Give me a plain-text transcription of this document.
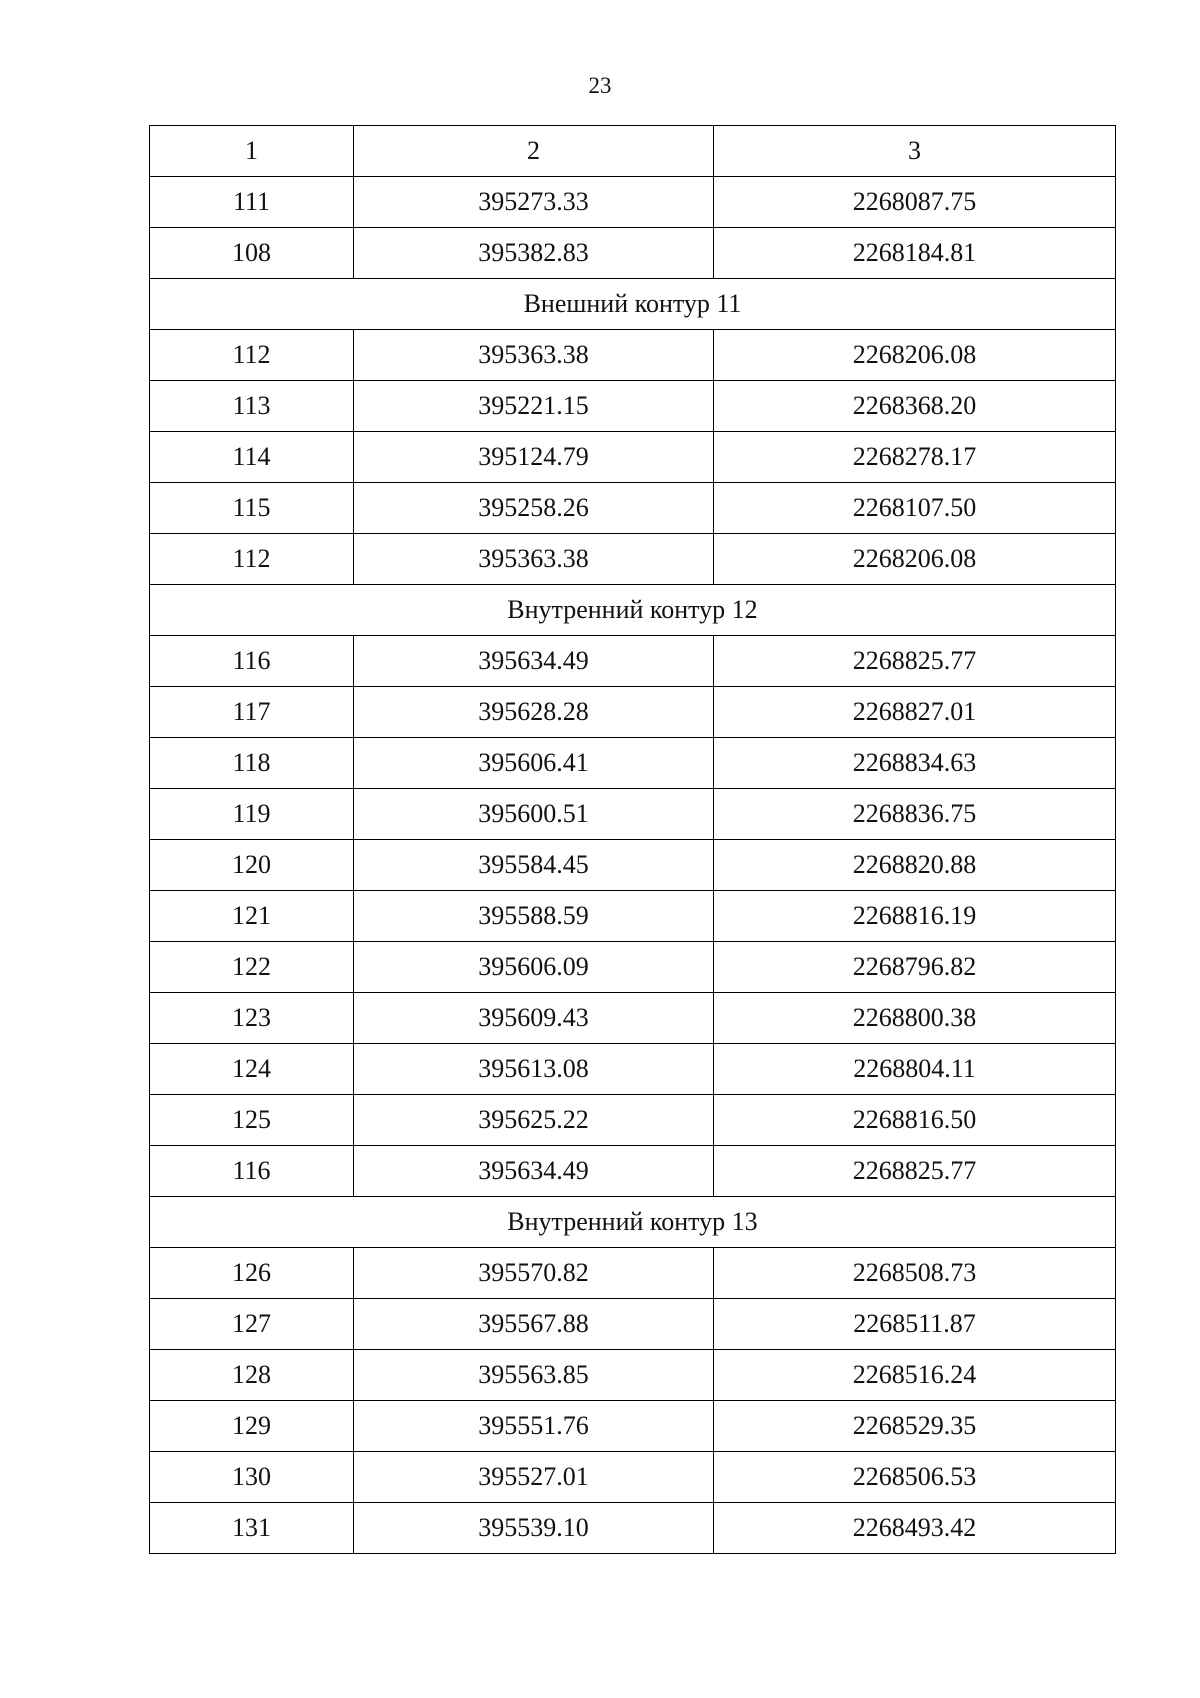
23
1	2	3
111	395273.33	2268087.75
108	395382.83	2268184.81
Внешний контур 11		
112	395363.38	2268206.08
113	395221.15	2268368.20
114	395124.79	2268278.17
115	395258.26	2268107.50
112	395363.38	2268206.08
Внутренний контур 12		
116	395634.49	2268825.77
117	395628.28	2268827.01
118	395606.41	2268834.63
119	395600.51	2268836.75
120	395584.45	2268820.88
121	395588.59	2268816.19
122	395606.09	2268796.82
123	395609.43	2268800.38
124	395613.08	2268804.11
125	395625.22	2268816.50
116	395634.49	2268825.77
Внутренний контур 13		
126	395570.82	2268508.73
127	395567.88	2268511.87
128	395563.85	2268516.24
129	395551.76	2268529.35
130	395527.01	2268506.53
131	395539.10	2268493.42
